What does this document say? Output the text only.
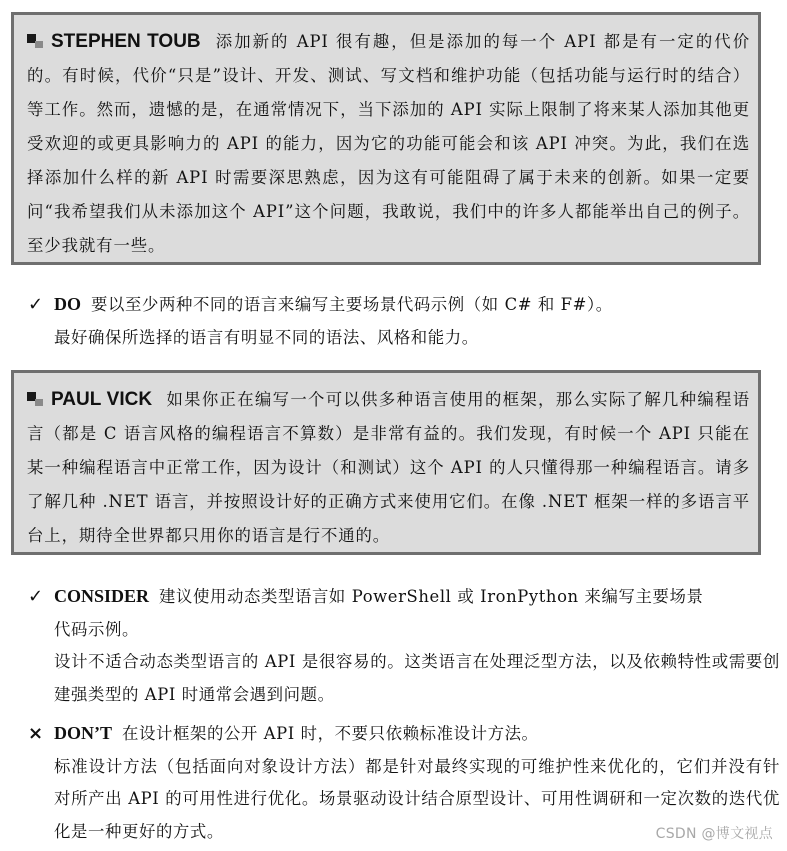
STEPHEN TOUB 添加新的 API 很有趣，但是添加的每一个 API 都是有一定的代价的。有时候，代价“只是”设计、开发、测试、写文档和维护功能（包括功能与运行时的结合）等工作。然而，遗憾的是，在通常情况下，当下添加的 API 实际上限制了将来某人添加其他更受欢迎的或更具影响力的 API 的能力，因为它的功能可能会和该 API 冲突。为此，我们在选择添加什么样的新 API 时需要深思熟虑，因为这有可能阻碍了属于未来的创新。如果一定要问“我希望我们从未添加这个 API”这个问题，我敢说，我们中的许多人都能举出自己的例子。至少我就有一些。
✓ DO 要以至少两种不同的语言来编写主要场景代码示例（如 C# 和 F#）。
最好确保所选择的语言有明显不同的语法、风格和能力。
PAUL VICK 如果你正在编写一个可以供多种语言使用的框架，那么实际了解几种编程语言（都是 C 语言风格的编程语言不算数）是非常有益的。我们发现，有时候一个 API 只能在某一种编程语言中正常工作，因为设计（和测试）这个 API 的人只懂得那一种编程语言。请多了解几种 .NET 语言，并按照设计好的正确方式来使用它们。在像 .NET 框架一样的多语言平台上，期待全世界都只用你的语言是行不通的。
✓ CONSIDER 建议使用动态类型语言如 PowerShell 或 IronPython 来编写主要场景
代码示例。
设计不适合动态类型语言的 API 是很容易的。这类语言在处理泛型方法，以及依赖特性或需要创建强类型的 API 时通常会遇到问题。
× DON’T 在设计框架的公开 API 时，不要只依赖标准设计方法。
标准设计方法（包括面向对象设计方法）都是针对最终实现的可维护性来优化的，它们并没有针对所产出 API 的可用性进行优化。场景驱动设计结合原型设计、可用性调研和一定次数的迭代优化是一种更好的方式。	CSDN @博文视点
